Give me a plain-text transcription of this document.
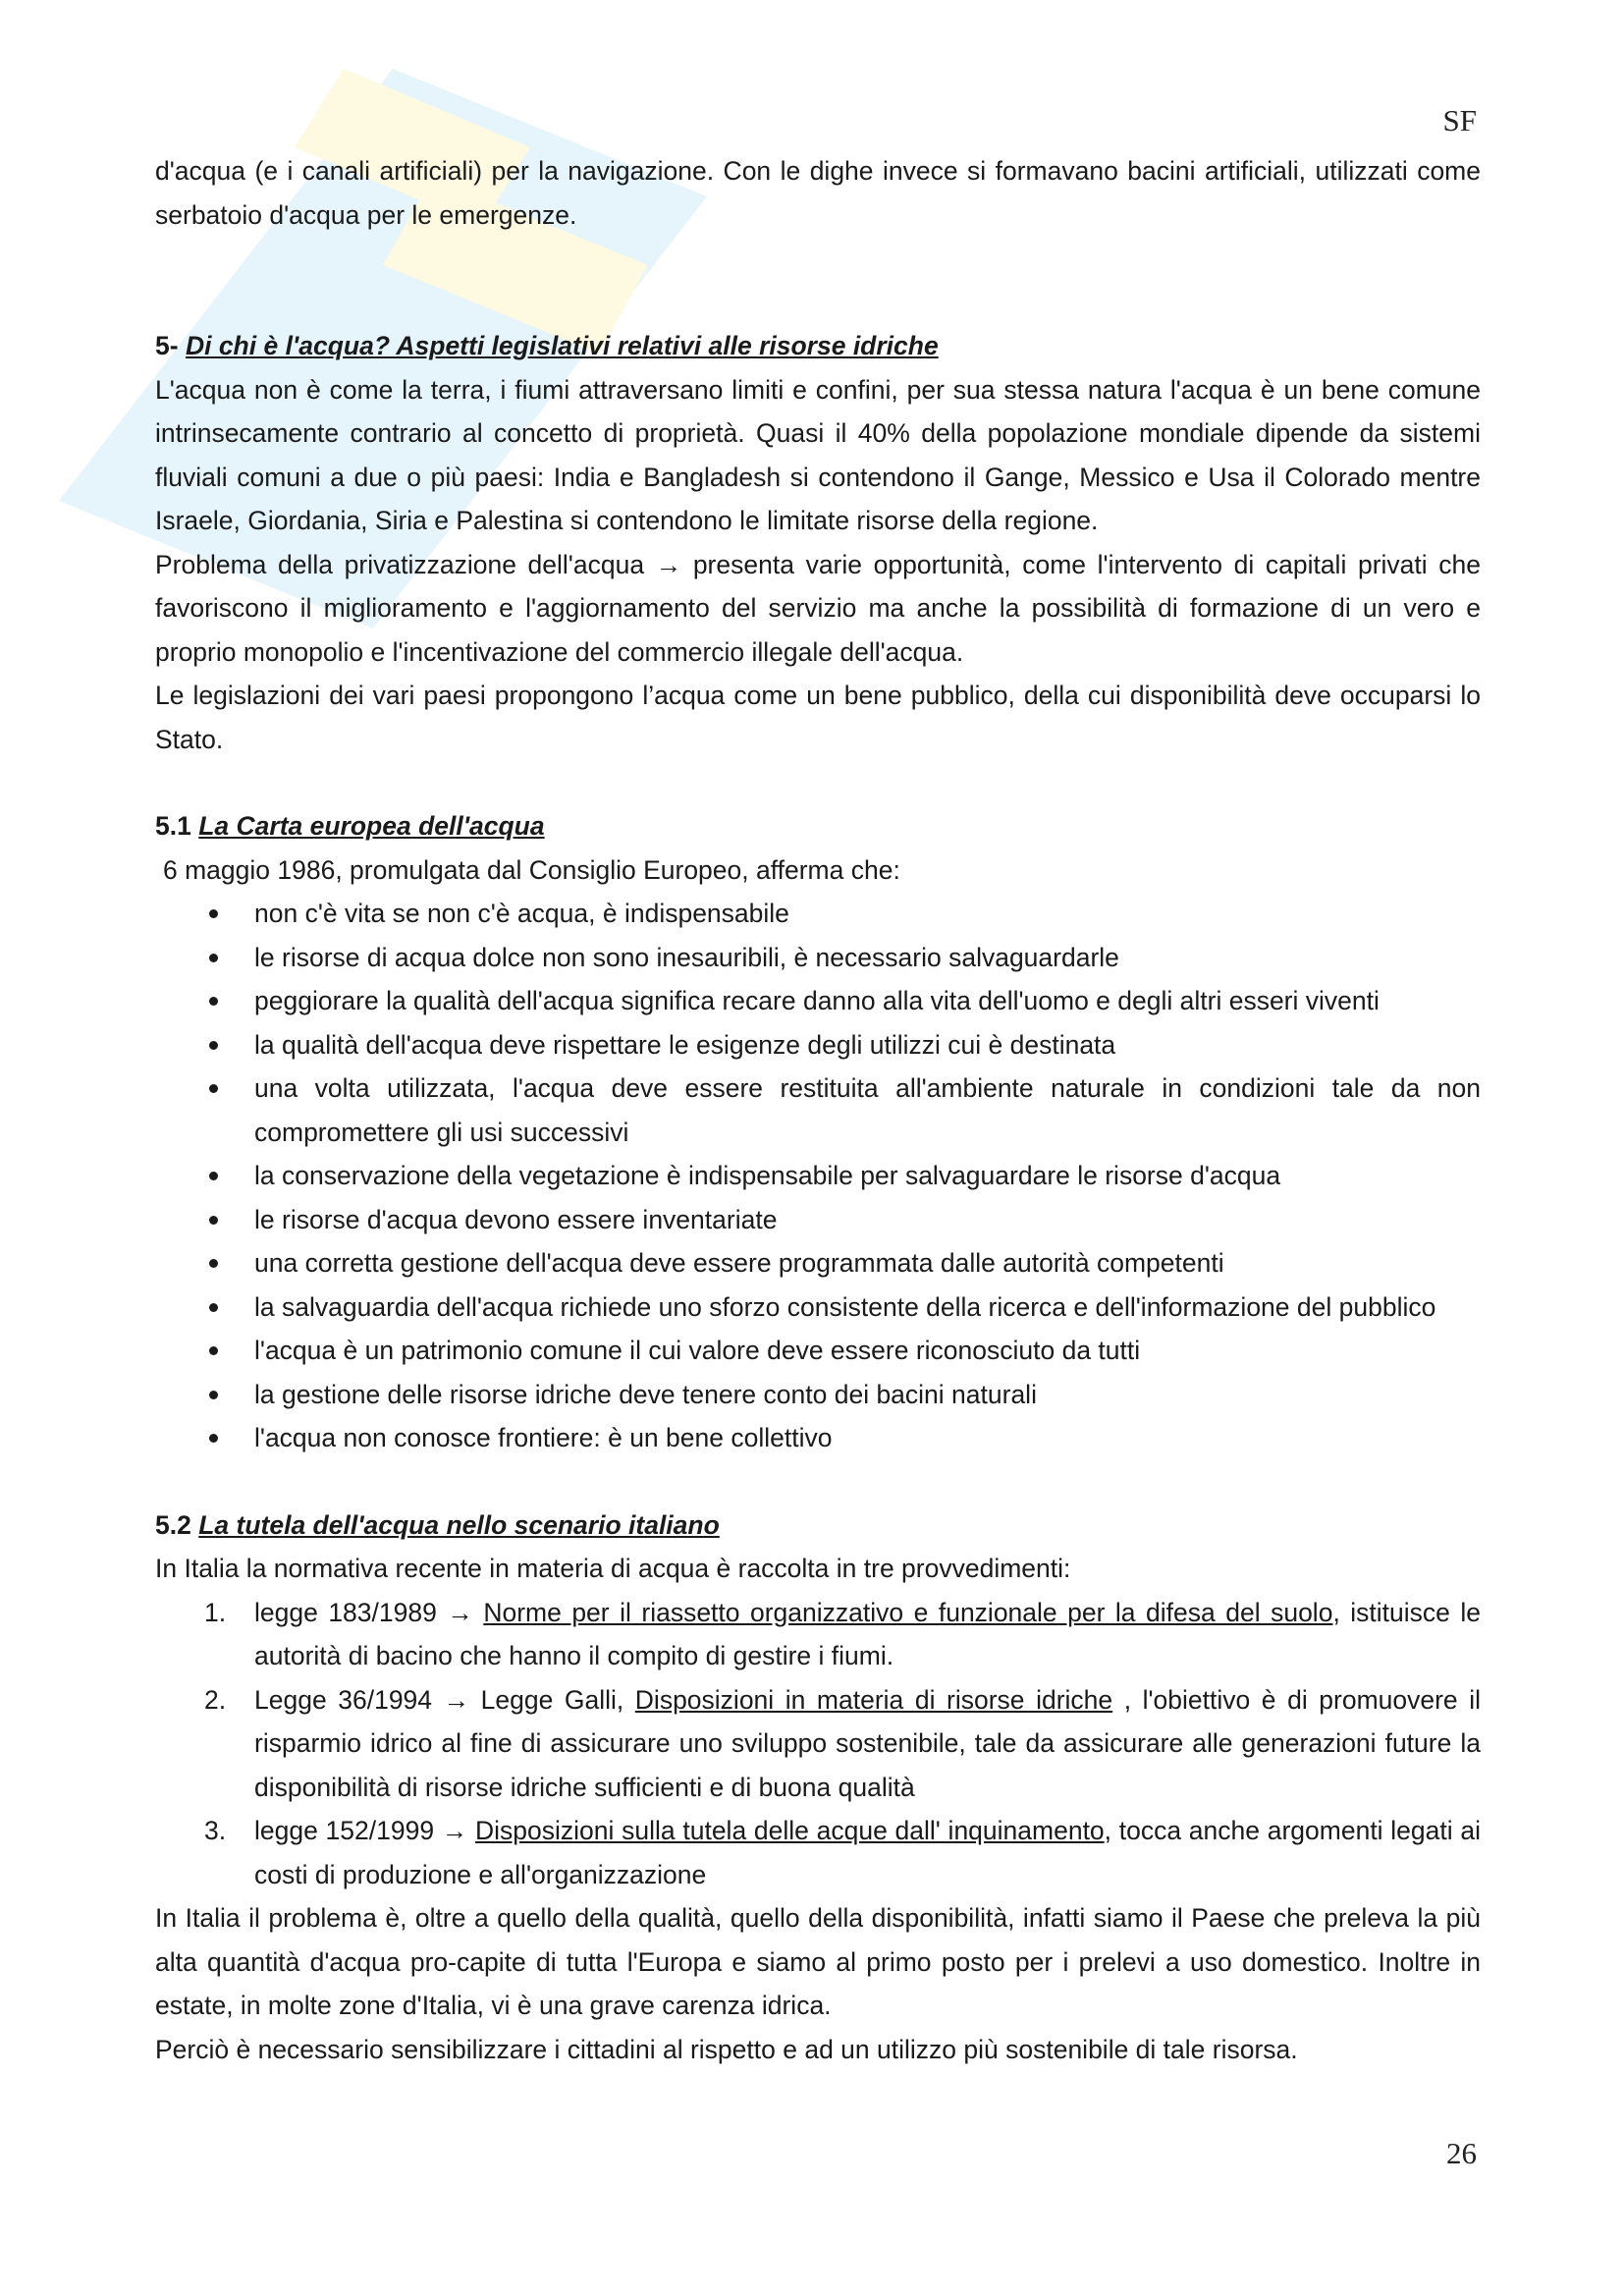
SF

d'acqua (e i canali artificiali) per la navigazione. Con le dighe invece si formavano bacini artificiali, utilizzati come serbatoio d'acqua per le emergenze.

5- Di chi è l'acqua? Aspetti legislativi relativi alle risorse idriche

L'acqua non è come la terra, i fiumi attraversano limiti e confini, per sua stessa natura l'acqua è un bene comune intrinsecamente contrario al concetto di proprietà. Quasi il 40% della popolazione mondiale dipende da sistemi fluviali comuni a due o più paesi: India e Bangladesh si contendono il Gange, Messico e Usa il Colorado mentre Israele, Giordania, Siria e Palestina si contendono le limitate risorse della regione.

Problema della privatizzazione dell'acqua → presenta varie opportunità, come l'intervento di capitali privati che favoriscono il miglioramento e l'aggiornamento del servizio ma anche la possibilità di formazione di un vero e proprio monopolio e l'incentivazione del commercio illegale dell'acqua.

Le legislazioni dei vari paesi propongono l’acqua come un bene pubblico, della cui disponibilità deve occuparsi lo Stato.

5.1 La Carta europea dell'acqua

6 maggio 1986, promulgata dal Consiglio Europeo, afferma che:

non c'è vita se non c'è acqua, è indispensabile
le risorse di acqua dolce non sono inesauribili, è necessario salvaguardarle
peggiorare la qualità dell'acqua significa recare danno alla vita dell'uomo e degli altri esseri viventi
la qualità dell'acqua deve rispettare le esigenze degli utilizzi cui è destinata
una volta utilizzata, l'acqua deve essere restituita all'ambiente naturale in condizioni tale da non compromettere gli usi successivi
la conservazione della vegetazione è indispensabile per salvaguardare le risorse d'acqua
le risorse d'acqua devono essere inventariate
una corretta gestione dell'acqua deve essere programmata dalle autorità competenti
la salvaguardia dell'acqua richiede uno sforzo consistente della ricerca e dell'informazione del pubblico
l'acqua è un patrimonio comune il cui valore deve essere riconosciuto da tutti
la gestione delle risorse idriche deve tenere conto dei bacini naturali
l'acqua non conosce frontiere: è un bene collettivo

5.2 La tutela dell'acqua nello scenario italiano

In Italia la normativa recente in materia di acqua è raccolta in tre provvedimenti:

1. legge 183/1989 → Norme per il riassetto organizzativo e funzionale per la difesa del suolo, istituisce le autorità di bacino che hanno il compito di gestire i fiumi.
2. Legge 36/1994 → Legge Galli, Disposizioni in materia di risorse idriche , l'obiettivo è di promuovere il risparmio idrico al fine di assicurare uno sviluppo sostenibile, tale da assicurare alle generazioni future la disponibilità di risorse idriche sufficienti e di buona qualità
3. legge 152/1999 → Disposizioni sulla tutela delle acque dall' inquinamento, tocca anche argomenti legati ai costi di produzione e all'organizzazione

In Italia il problema è, oltre a quello della qualità, quello della disponibilità, infatti siamo il Paese che preleva la più alta quantità d'acqua pro-capite di tutta l'Europa e siamo al primo posto per i prelevi a uso domestico. Inoltre in estate, in molte zone d'Italia, vi è una grave carenza idrica.

Perciò è necessario sensibilizzare i cittadini al rispetto e ad un utilizzo più sostenibile di tale risorsa.

26
